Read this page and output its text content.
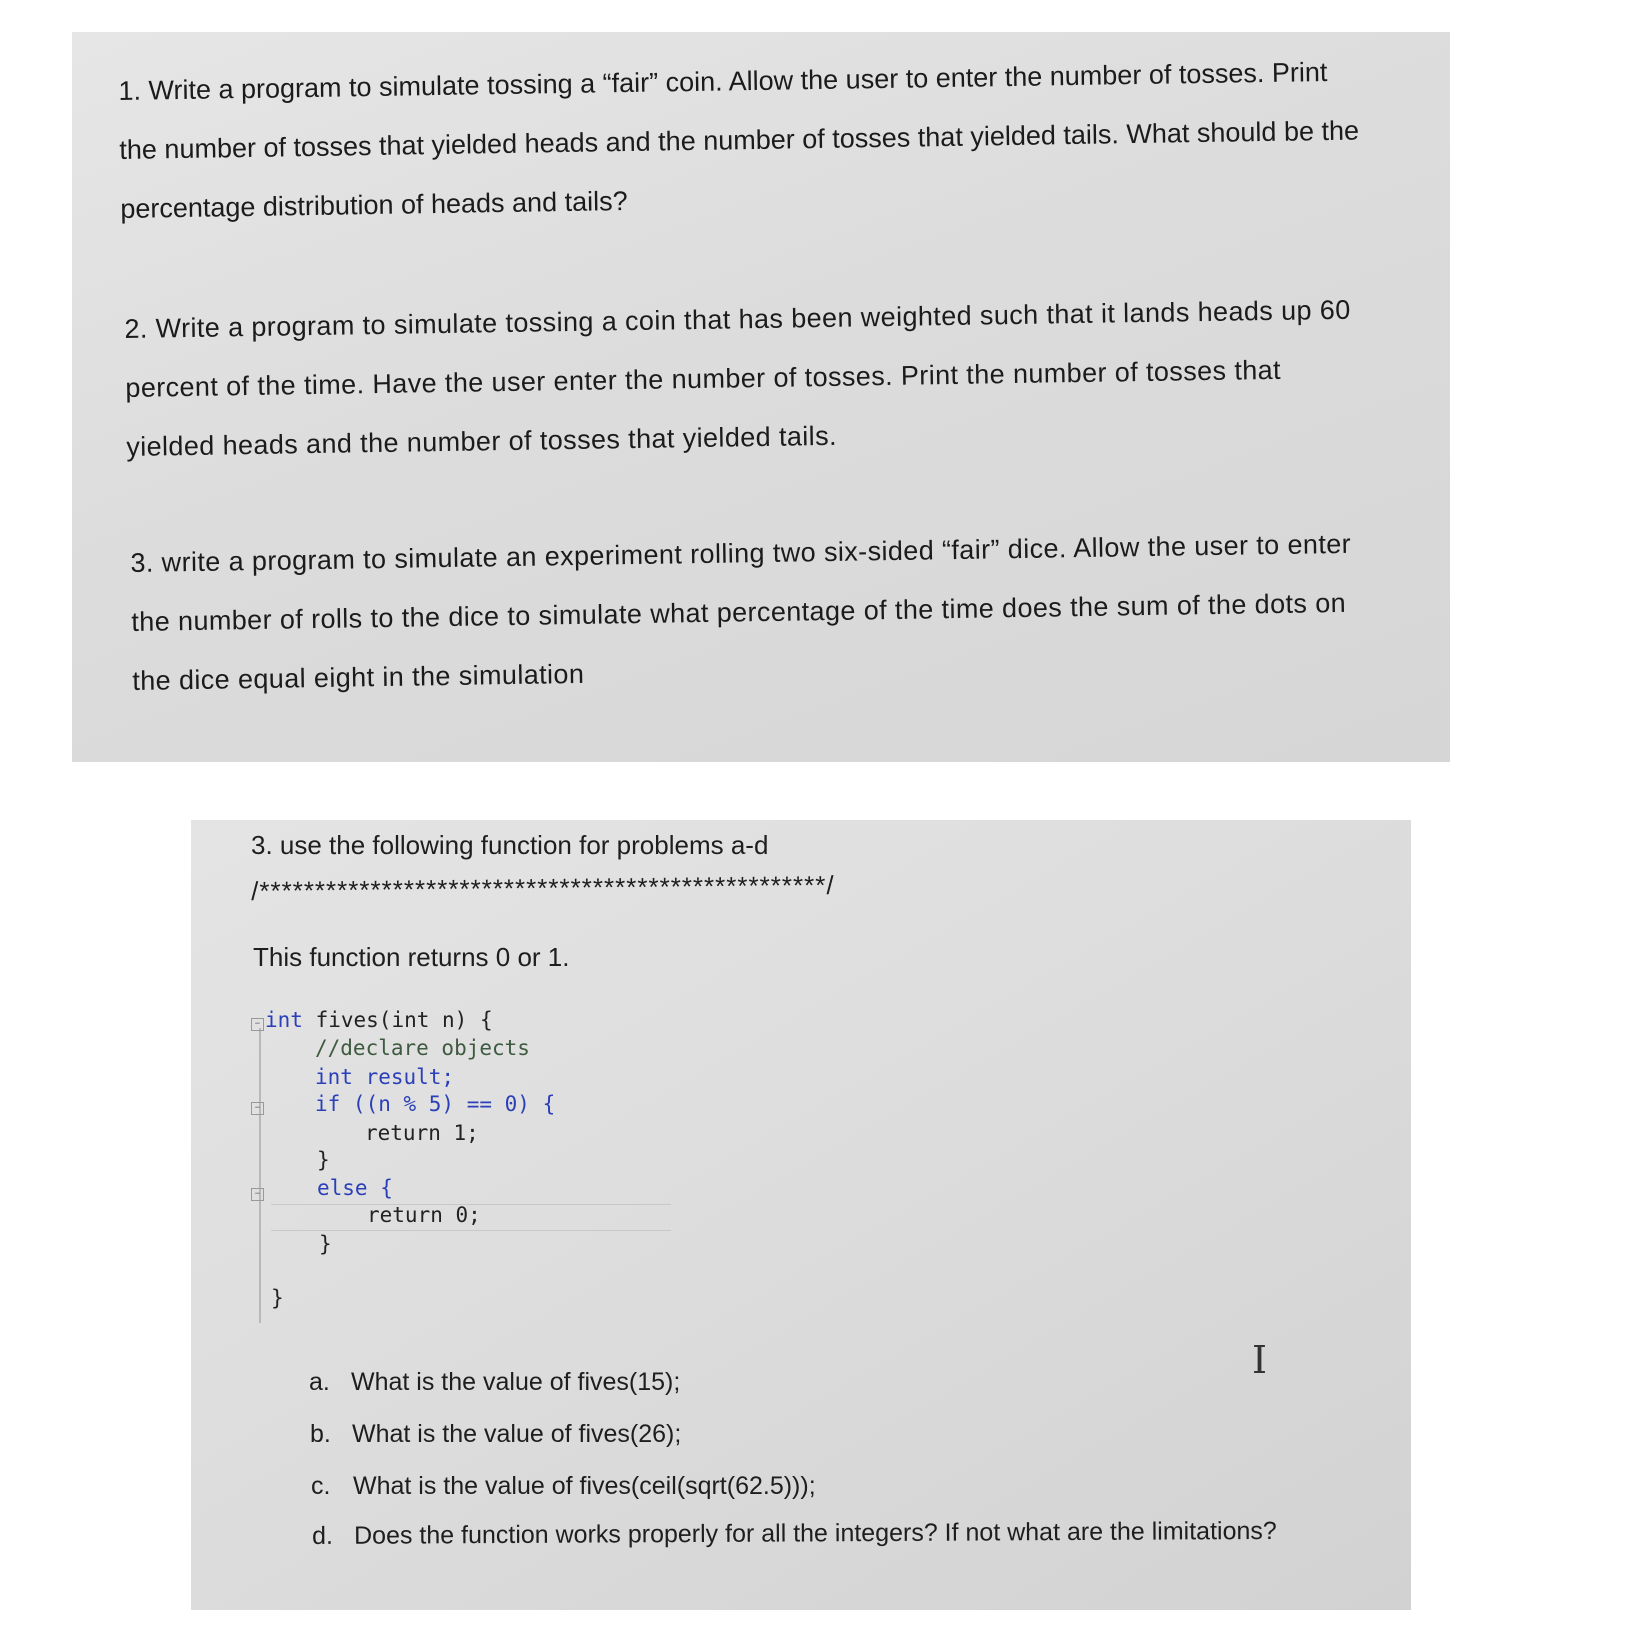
1. Write a program to simulate tossing a “fair” coin. Allow the user to enter the number of tosses. Print the number of tosses that yielded heads and the number of tosses that yielded tails. What should be the percentage distribution of heads and tails?

2. Write a program to simulate tossing a coin that has been weighted such that it lands heads up 60 percent of the time. Have the user enter the number of tosses. Print the number of tosses that yielded heads and the number of tosses that yielded tails.

3. write a program to simulate an experiment rolling two six-sided “fair” dice. Allow the user to enter the number of rolls to the dice to simulate what percentage of the time does the sum of the dots on the dice equal eight in the simulation

3. use the following function for problems a-d
/***************************************************/
This function returns 0 or 1.
−
−
−
int fives(int n) {
//declare objects
int result;
if ((n % 5) == 0) {
return 1;
}
else {
return 0;
}
}
I
a. What is the value of fives(15);
b. What is the value of fives(26);
c. What is the value of fives(ceil(sqrt(62.5)));
d. Does the function works properly for all the integers? If not what are the limitations?
